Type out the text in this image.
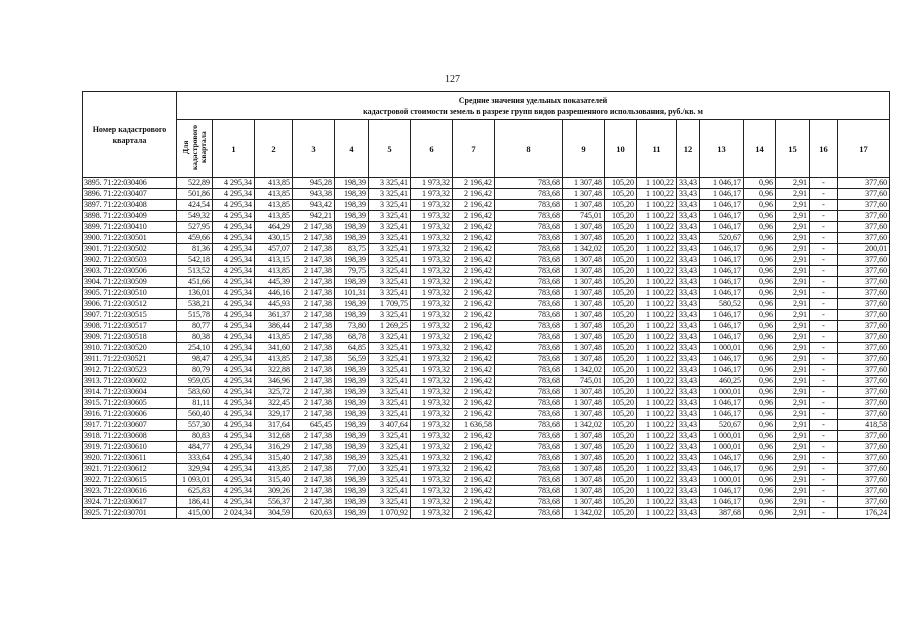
127
Номер кадастрового квартала	Средние значения удельных показателей
кадастровой стоимости земель в разрезе групп видов разрешенного использования, руб./кв. м																	

	Для кадастрового квартала	1	2	3	4	5	6	7	8	9	10	11	12	13	14	15	16	17
3895. 71:22:030406	522,89	4 295,34	413,85	945,28	198,39	3 325,41	1 973,32	2 196,42	783,68	1 307,48	105,20	1 100,22	33,43	1 046,17	0,96	2,91	-	377,60
3896. 71:22:030407	501,86	4 295,34	413,85	943,38	198,39	3 325,41	1 973,32	2 196,42	783,68	1 307,48	105,20	1 100,22	33,43	1 046,17	0,96	2,91	-	377,60
3897. 71:22:030408	424,54	4 295,34	413,85	943,42	198,39	3 325,41	1 973,32	2 196,42	783,68	1 307,48	105,20	1 100,22	33,43	1 046,17	0,96	2,91	-	377,60
3898. 71:22:030409	549,32	4 295,34	413,85	942,21	198,39	3 325,41	1 973,32	2 196,42	783,68	745,01	105,20	1 100,22	33,43	1 046,17	0,96	2,91	-	377,60
3899. 71:22:030410	527,95	4 295,34	464,29	2 147,38	198,39	3 325,41	1 973,32	2 196,42	783,68	1 307,48	105,20	1 100,22	33,43	1 046,17	0,96	2,91	-	377,60
3900. 71:22:030501	459,66	4 295,34	430,15	2 147,38	198,39	3 325,41	1 973,32	2 196,42	783,68	1 307,48	105,20	1 100,22	33,43	520,67	0,96	2,91	-	377,60
3901. 71:22:030502	81,36	4 295,34	457,07	2 147,38	83,75	3 325,41	1 973,32	2 196,42	783,68	1 342,02	105,20	1 100,22	33,43	1 046,17	0,96	2,91	-	200,01
3902. 71:22:030503	542,18	4 295,34	413,15	2 147,38	198,39	3 325,41	1 973,32	2 196,42	783,68	1 307,48	105,20	1 100,22	33,43	1 046,17	0,96	2,91	-	377,60
3903. 71:22:030506	513,52	4 295,34	413,85	2 147,38	79,75	3 325,41	1 973,32	2 196,42	783,68	1 307,48	105,20	1 100,22	33,43	1 046,17	0,96	2,91	-	377,60
3904. 71:22:030509	451,66	4 295,34	445,39	2 147,38	198,39	3 325,41	1 973,32	2 196,42	783,68	1 307,48	105,20	1 100,22	33,43	1 046,17	0,96	2,91	-	377,60
3905. 71:22:030510	136,01	4 295,34	446,16	2 147,38	101,31	3 325,41	1 973,32	2 196,42	783,68	1 307,48	105,20	1 100,22	33,43	1 046,17	0,96	2,91	-	377,60
3906. 71:22:030512	538,21	4 295,34	445,93	2 147,38	198,39	1 709,75	1 973,32	2 196,42	783,68	1 307,48	105,20	1 100,22	33,43	580,52	0,96	2,91	-	377,60
3907. 71:22:030515	515,78	4 295,34	361,37	2 147,38	198,39	3 325,41	1 973,32	2 196,42	783,68	1 307,48	105,20	1 100,22	33,43	1 046,17	0,96	2,91	-	377,60
3908. 71:22:030517	80,77	4 295,34	386,44	2 147,38	73,80	1 269,25	1 973,32	2 196,42	783,68	1 307,48	105,20	1 100,22	33,43	1 046,17	0,96	2,91	-	377,60
3909. 71:22:030518	80,38	4 295,34	413,85	2 147,38	68,78	3 325,41	1 973,32	2 196,42	783,68	1 307,48	105,20	1 100,22	33,43	1 046,17	0,96	2,91	-	377,60
3910. 71:22:030520	254,10	4 295,34	341,60	2 147,38	64,85	3 325,41	1 973,32	2 196,42	783,68	1 307,48	105,20	1 100,22	33,43	1 000,01	0,96	2,91	-	377,60
3911. 71:22:030521	98,47	4 295,34	413,85	2 147,38	56,59	3 325,41	1 973,32	2 196,42	783,68	1 307,48	105,20	1 100,22	33,43	1 046,17	0,96	2,91	-	377,60
3912. 71:22:030523	80,79	4 295,34	322,88	2 147,38	198,39	3 325,41	1 973,32	2 196,42	783,68	1 342,02	105,20	1 100,22	33,43	1 046,17	0,96	2,91	-	377,60
3913. 71:22:030602	959,05	4 295,34	346,96	2 147,38	198,39	3 325,41	1 973,32	2 196,42	783,68	745,01	105,20	1 100,22	33,43	460,25	0,96	2,91	-	377,60
3914. 71:22:030604	583,60	4 295,34	325,72	2 147,38	198,39	3 325,41	1 973,32	2 196,42	783,68	1 307,48	105,20	1 100,22	33,43	1 000,01	0,96	2,91	-	377,60
3915. 71:22:030605	81,11	4 295,34	322,45	2 147,38	198,39	3 325,41	1 973,32	2 196,42	783,68	1 307,48	105,20	1 100,22	33,43	1 046,17	0,96	2,91	-	377,60
3916. 71:22:030606	560,40	4 295,34	329,17	2 147,38	198,39	3 325,41	1 973,32	2 196,42	783,68	1 307,48	105,20	1 100,22	33,43	1 046,17	0,96	2,91	-	377,60
3917. 71:22:030607	557,30	4 295,34	317,64	645,45	198,39	3 407,64	1 973,32	1 636,58	783,68	1 342,02	105,20	1 100,22	33,43	520,67	0,96	2,91	-	418,58
3918. 71:22:030608	80,83	4 295,34	312,68	2 147,38	198,39	3 325,41	1 973,32	2 196,42	783,68	1 307,48	105,20	1 100,22	33,43	1 000,01	0,96	2,91	-	377,60
3919. 71:22:030610	484,77	4 295,34	316,29	2 147,38	198,39	3 325,41	1 973,32	2 196,42	783,68	1 307,48	105,20	1 100,22	33,43	1 000,01	0,96	2,91	-	377,60
3920. 71:22:030611	333,64	4 295,34	315,40	2 147,38	198,39	3 325,41	1 973,32	2 196,42	783,68	1 307,48	105,20	1 100,22	33,43	1 046,17	0,96	2,91	-	377,60
3921. 71:22:030612	329,94	4 295,34	413,85	2 147,38	77,00	3 325,41	1 973,32	2 196,42	783,68	1 307,48	105,20	1 100,22	33,43	1 046,17	0,96	2,91	-	377,60
3922. 71:22:030615	1 093,01	4 295,34	315,40	2 147,38	198,39	3 325,41	1 973,32	2 196,42	783,68	1 307,48	105,20	1 100,22	33,43	1 000,01	0,96	2,91	-	377,60
3923. 71:22:030616	625,83	4 295,34	309,26	2 147,38	198,39	3 325,41	1 973,32	2 196,42	783,68	1 307,48	105,20	1 100,22	33,43	1 046,17	0,96	2,91	-	377,60
3924. 71:22:030617	186,41	4 295,34	556,37	2 147,38	198,39	3 325,41	1 973,32	2 196,42	783,68	1 307,48	105,20	1 100,22	33,43	1 046,17	0,96	2,91	-	377,60
3925. 71:22:030701	415,00	2 024,34	304,59	620,63	198,39	1 070,92	1 973,32	2 196,42	783,68	1 342,02	105,20	1 100,22	33,43	387,68	0,96	2,91	-	176,24
